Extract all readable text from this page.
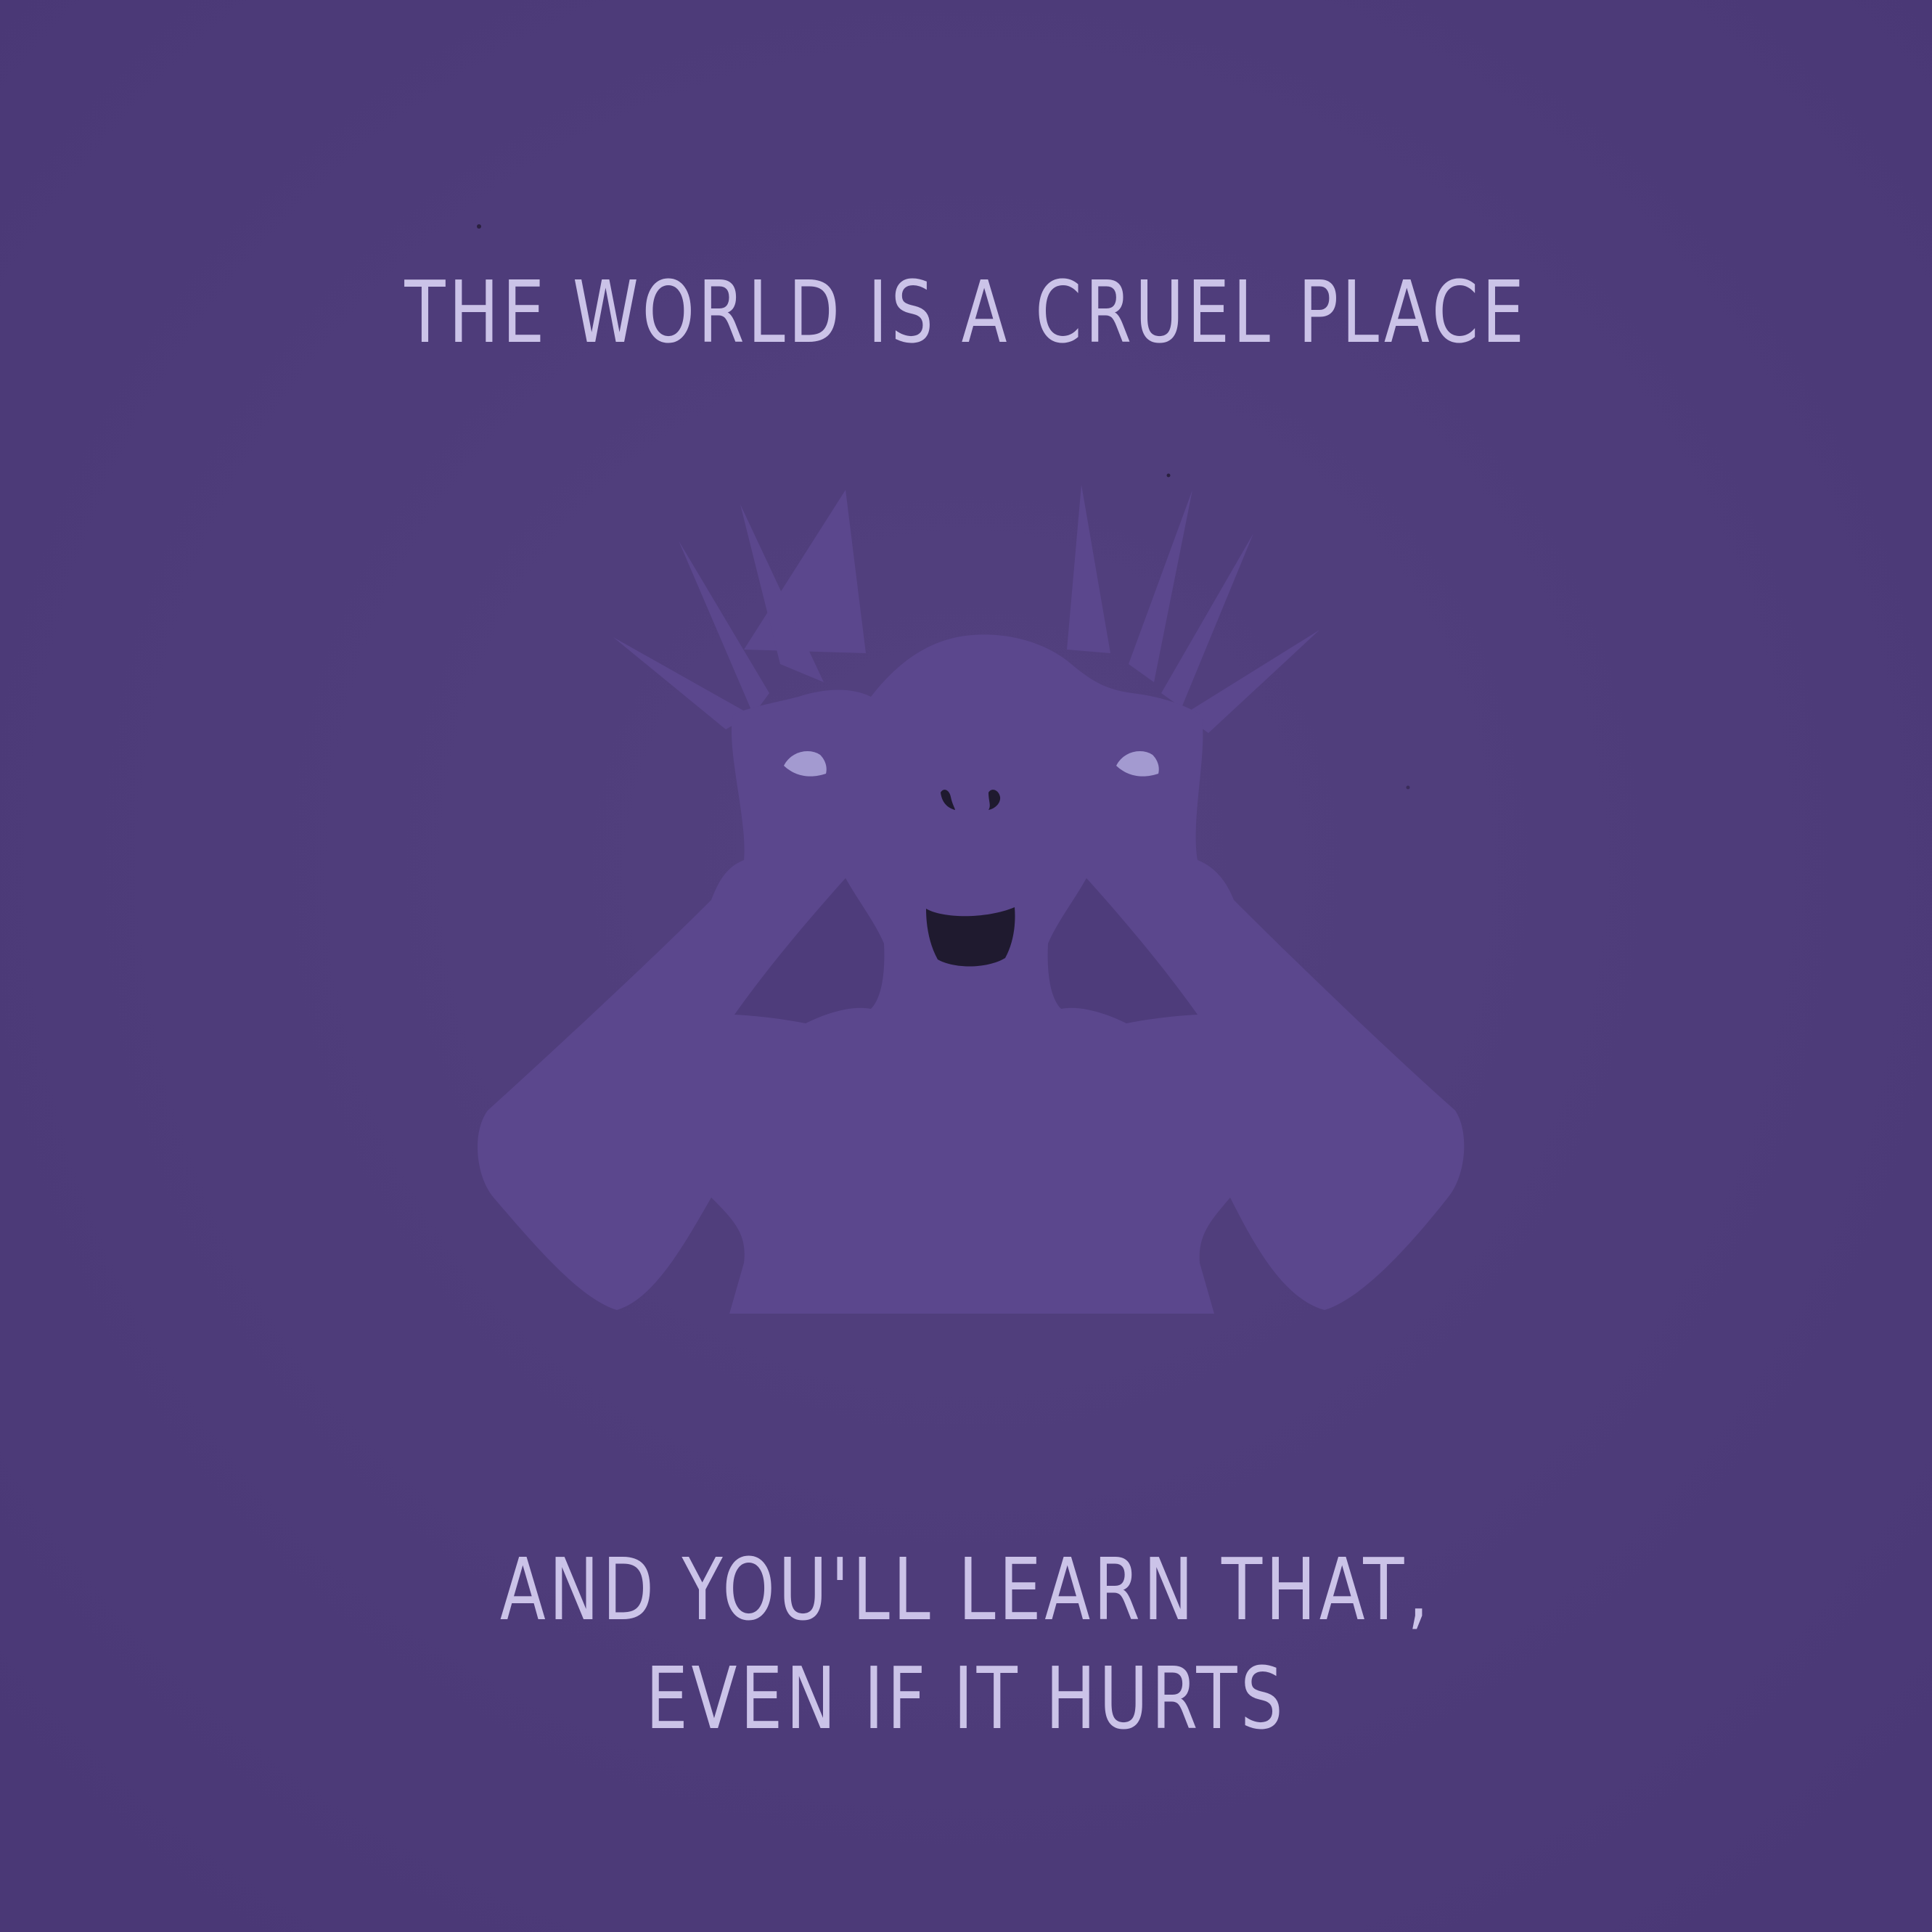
THE WORLD IS A CRUEL PLACE
AND YOU'LL LEARN THAT,
EVEN IF IT HURTS
